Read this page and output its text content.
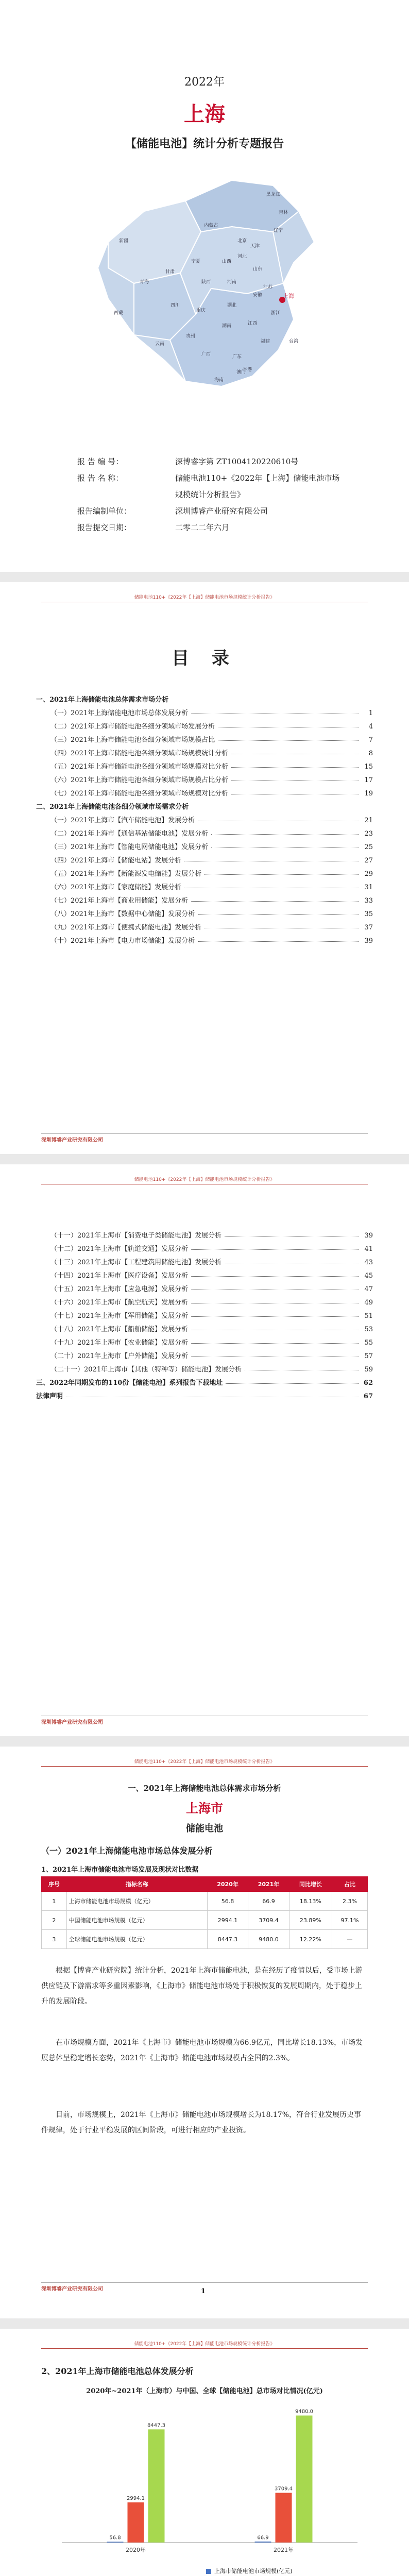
2022年
上海
【储能电池】统计分析专题报告
黑龙江
吉林
辽宁
北京
天津
河北
山西
内蒙古
山东
河南
江苏
安徽	上海
浙江
湖北
湖南	江西
福建
广东
广西
海南
台湾
香港
澳门
贵州
云南
四川
重庆
陕西
甘肃
宁夏
青海
西藏
新疆
报 告 编 号：	深博睿字第 ZT1004120220610号
报 告 名 称：	储能电池110+《2022年【上海】储能电池市场规模统计分析报告》
报告编制单位：	深圳博睿产业研究有限公司
报告提交日期：	二零二二年六月
储能电池110+《2022年【上海】储能电池市场规模统计分析报告》
目 录
一、2021年上海储能电池总体需求市场分析
（一）2021年上海储能电池市场总体发展分析	1
（二）2021年上海市储能电池各细分领域市场发展分析	4
（三）2021年上海市储能电池各细分领域市场规模占比	7
（四）2021年上海市储能电池各细分领域市场规模统计分析	8
（五）2021年上海市储能电池各细分领域市场规模对比分析	15
（六）2021年上海市储能电池各细分领域市场规模占比分析	17
（七）2021年上海市储能电池各细分领域市场规模对比分析	19
二、2021年上海储能电池各细分领域市场需求分析
（一）2021年上海市【汽车储能电池】发展分析	21
（二）2021年上海市【通信基站储能电池】发展分析	23
（三）2021年上海市【智能电网储能电池】发展分析	25
（四）2021年上海市【储能电站】发展分析	27
（五）2021年上海市【新能源发电储能】发展分析	29
（六）2021年上海市【家庭储能】发展分析	31
（七）2021年上海市【商业用储能】发展分析	33
（八）2021年上海市【数据中心储能】发展分析	35
（九）2021年上海市【便携式储能电池】发展分析	37
（十）2021年上海市【电力市场储能】发展分析	39
深圳博睿产业研究有限公司
储能电池110+《2022年【上海】储能电池市场规模统计分析报告》
（十一）2021年上海市【消费电子类储能电池】发展分析	39
（十二）2021年上海市【轨道交通】发展分析	41
（十三）2021年上海市【工程建筑用储能电池】发展分析	43
（十四）2021年上海市【医疗设备】发展分析	45
（十五）2021年上海市【应急电源】发展分析	47
（十六）2021年上海市【航空航天】发展分析	49
（十七）2021年上海市【军用储能】发展分析	51
（十八）2021年上海市【船舶储能】发展分析	53
（十九）2021年上海市【农业储能】发展分析	55
（二十）2021年上海市【户外储能】发展分析	57
（二十一）2021年上海市【其他（特种等）储能电池】发展分析	59
三、2022年同期发布的110份【储能电池】系列报告下载地址	62
法律声明	67
深圳博睿产业研究有限公司
储能电池110+《2022年【上海】储能电池市场规模统计分析报告》
一、2021年上海储能电池总体需求市场分析
上海市
储能电池
（一）2021年上海储能电池市场总体发展分析
1、2021年上海市储能电池市场发展及现状对比数据
序号	指标名称	2020年	2021年	同比增长	占比
1	上海市储能电池市场规模（亿元）	56.8	66.9	18.13%	2.3%
2	中国储能电池市场规模（亿元）	2994.1	3709.4	23.89%	97.1%
3	全球储能电池市场规模（亿元）	8447.3	9480.0	12.22%	—
根据【博睿产业研究院】统计分析，2021年上海市储能电池，是在经历了疫情以后，受市场上游供应链及下游需求等多重因素影响，《上海市》储能电池市场处于积极恢复的发展周期内，处于稳步上升的发展阶段。
在市场规模方面，2021年《上海市》储能电池市场规模为66.9亿元，同比增长18.13%，市场发展总体呈稳定增长态势，2021年《上海市》储能电池市场规模占全国的2.3%。
目前，市场规模上，2021年《上海市》储能电池市场规模增长为18.17%，符合行业发展历史事件规律，处于行业平稳发展的区间阶段，可进行相应的产业投资。
深圳博睿产业研究有限公司	1
储能电池110+《2022年【上海】储能电池市场规模统计分析报告》
2、2021年上海市储能电池总体发展分析
2020年~2021年（上海市）与中国、全球【储能电池】总市场对比情况(亿元)
56.8
2994.1
8447.3
2020年
66.9
3709.4
9480.0
2021年
上海市储能电池市场规模(亿元)
